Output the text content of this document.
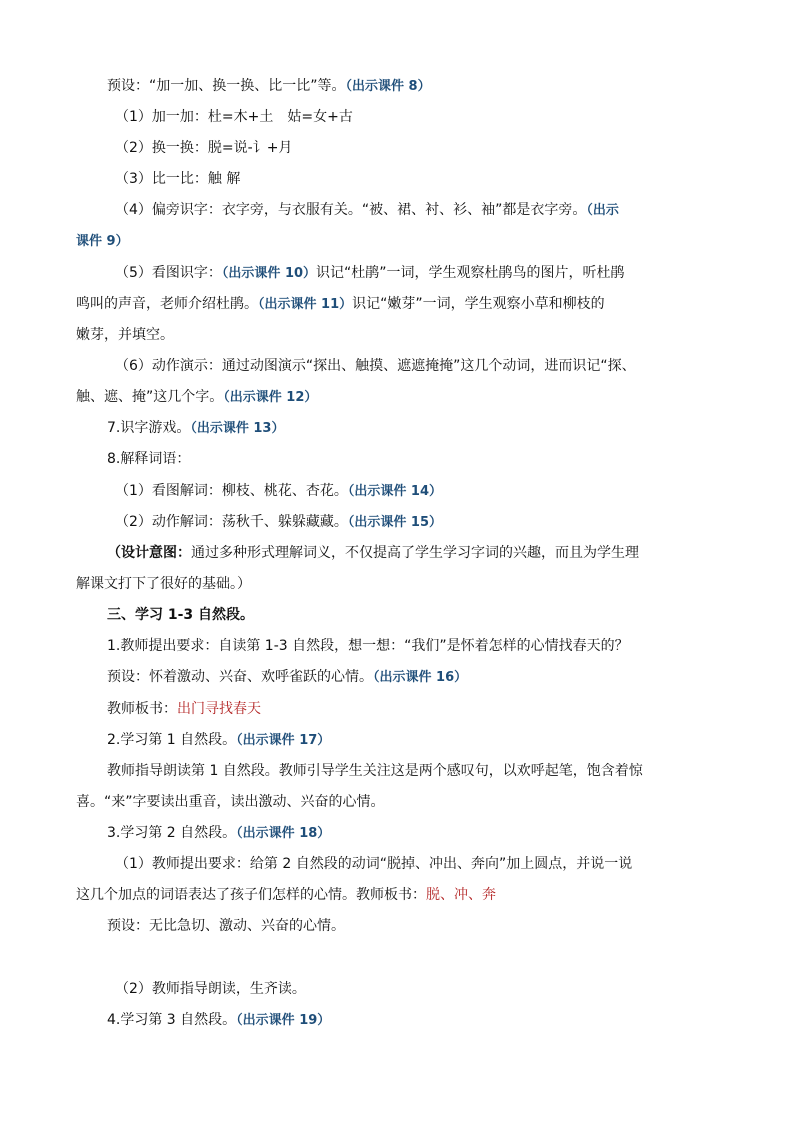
预设：“加一加、换一换、比一比”等。（出示课件 8）
（1）加一加：杜=木+土　姑=女+古
（2）换一换：脱=说-讠+月
（3）比一比：触 解
（4）偏旁识字：衣字旁，与衣服有关。“被、裙、衬、衫、袖”都是衣字旁。（出示
课件 9）
（5）看图识字：（出示课件 10）识记“杜鹃”一词，学生观察杜鹃鸟的图片，听杜鹃
鸣叫的声音，老师介绍杜鹃。（出示课件 11）识记“嫩芽”一词，学生观察小草和柳枝的
嫩芽，并填空。
（6）动作演示：通过动图演示“探出、触摸、遮遮掩掩”这几个动词，进而识记“探、
触、遮、掩”这几个字。（出示课件 12）
7.识字游戏。（出示课件 13）
8.解释词语：
（1）看图解词：柳枝、桃花、杏花。（出示课件 14）
（2）动作解词：荡秋千、躲躲藏藏。（出示课件 15）
（设计意图：通过多种形式理解词义，不仅提高了学生学习字词的兴趣，而且为学生理
解课文打下了很好的基础。）
三、学习 1-3 自然段。
1.教师提出要求：自读第 1-3 自然段，想一想：“我们”是怀着怎样的心情找春天的？
预设：怀着激动、兴奋、欢呼雀跃的心情。（出示课件 16）
教师板书：出门寻找春天
2.学习第 1 自然段。（出示课件 17）
教师指导朗读第 1 自然段。教师引导学生关注这是两个感叹句，以欢呼起笔，饱含着惊
喜。“来”字要读出重音，读出激动、兴奋的心情。
3.学习第 2 自然段。（出示课件 18）
（1）教师提出要求：给第 2 自然段的动词“脱掉、冲出、奔向”加上圆点，并说一说
这几个加点的词语表达了孩子们怎样的心情。教师板书：脱、冲、奔
预设：无比急切、激动、兴奋的心情。
（2）教师指导朗读，生齐读。
4.学习第 3 自然段。（出示课件 19）
